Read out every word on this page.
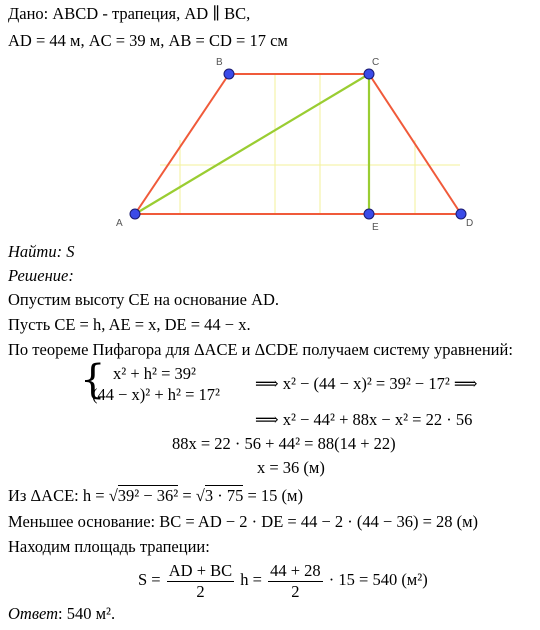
Дано: ABCD - трапеция, AD ∥ BC,
AD = 44 м, AC = 39 м, AB = CD = 17 см
A
B	C
D
E
Найти: S
Решение:
Опустим высоту CE на основание AD.
Пусть CE = h, AE = x, DE = 44 − x.
По теореме Пифагора для ΔACE и ΔCDE получаем систему уравнений:
{ x² + h² = 39²
(44 − x)² + h² = 17²
⟹ x² − (44 − x)² = 39² − 17² ⟹
⟹ x² − 44² + 88x − x² = 22 · 56
88x = 22 · 56 + 44² = 88(14 + 22)
x = 36 (м)
Из ΔACE: h = √39² − 36² = √3 · 75 = 15 (м)
Меньшее основание: BC = AD − 2 · DE = 44 − 2 · (44 − 36) = 28 (м)
Находим площадь трапеции:
$S = \frac{AD + BC}{2}$ $h = \frac{44 + 28}{2} \cdot 15 = 540$ (м²)
Ответ: 540 м².
